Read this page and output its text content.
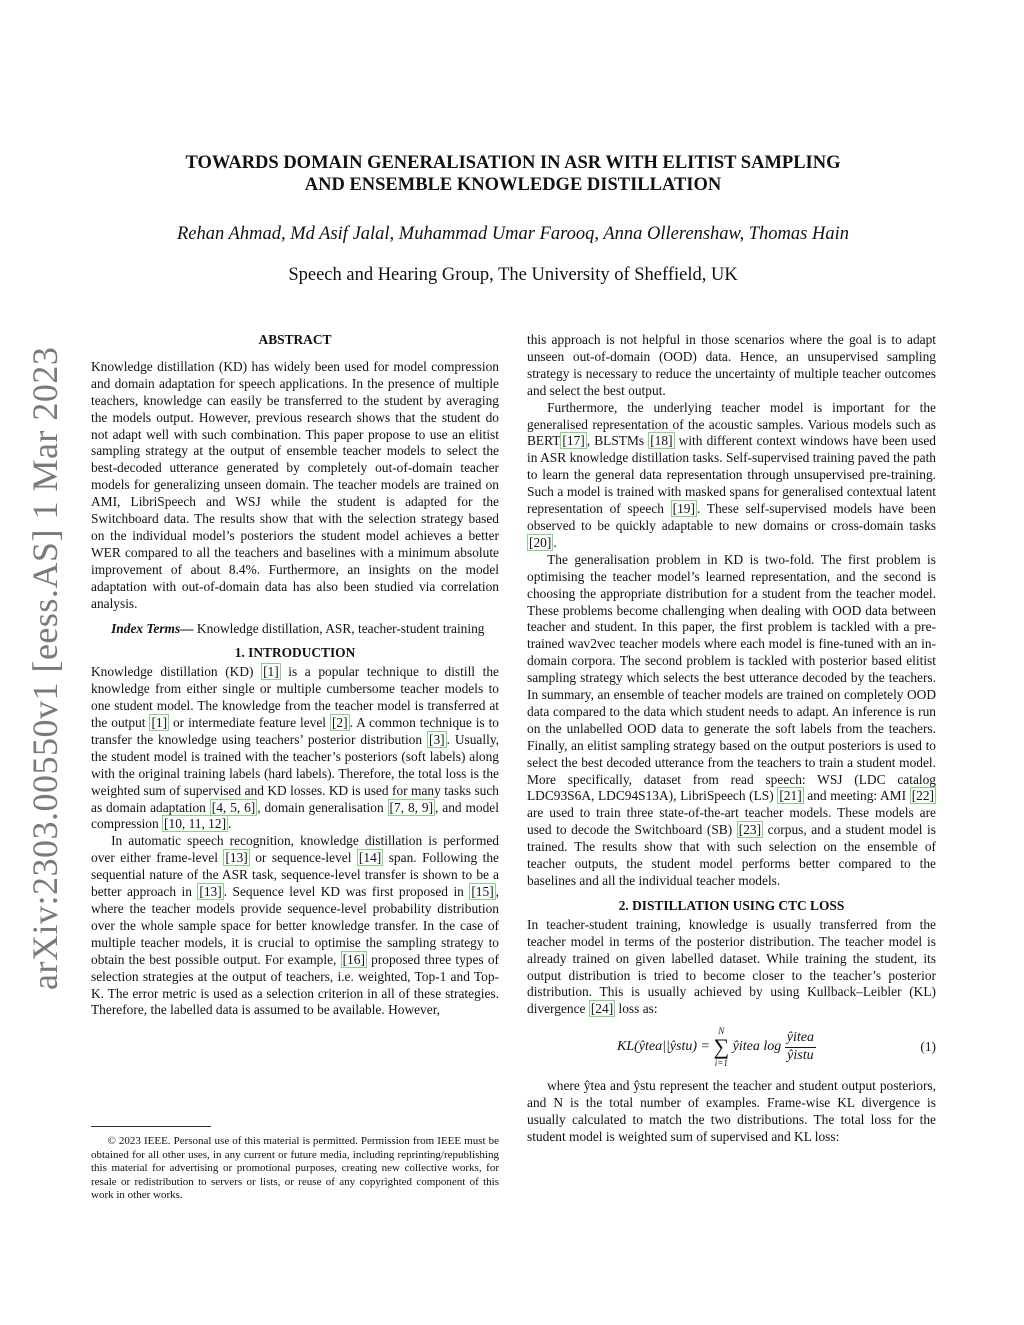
arXiv:2303.00550v1 [eess.AS] 1 Mar 2023
TOWARDS DOMAIN GENERALISATION IN ASR WITH ELITIST SAMPLING
AND ENSEMBLE KNOWLEDGE DISTILLATION
Rehan Ahmad, Md Asif Jalal, Muhammad Umar Farooq, Anna Ollerenshaw, Thomas Hain
Speech and Hearing Group, The University of Sheffield, UK
ABSTRACT

Knowledge distillation (KD) has widely been used for model compression and domain adaptation for speech applications. In the presence of multiple teachers, knowledge can easily be transferred to the student by averaging the models output. However, previous research shows that the student do not adapt well with such combination. This paper propose to use an elitist sampling strategy at the output of ensemble teacher models to select the best-decoded utterance generated by completely out-of-domain teacher models for generalizing unseen domain. The teacher models are trained on AMI, LibriSpeech and WSJ while the student is adapted for the Switchboard data. The results show that with the selection strategy based on the individual model’s posteriors the student model achieves a better WER compared to all the teachers and baselines with a minimum absolute improvement of about 8.4%. Furthermore, an insights on the model adaptation with out-of-domain data has also been studied via correlation analysis.

Index Terms— Knowledge distillation, ASR, teacher-student training

1. INTRODUCTION

Knowledge distillation (KD) [1] is a popular technique to distill the knowledge from either single or multiple cumbersome teacher models to one student model. The knowledge from the teacher model is transferred at the output [1] or intermediate feature level [2] . A common technique is to transfer the knowledge using teachers’ posterior distribution [3] . Usually, the student model is trained with the teacher’s posteriors (soft labels) along with the original training labels (hard labels). Therefore, the total loss is the weighted sum of supervised and KD losses. KD is used for many tasks such as domain adaptation [4, 5, 6] , domain generalisation [7, 8, 9] , and model compression [10, 11, 12] .

In automatic speech recognition, knowledge distillation is performed over either frame-level [13] or sequence-level [14] span. Following the sequential nature of the ASR task, sequence-level transfer is shown to be a better approach in [13] . Sequence level KD was first proposed in [15] , where the teacher models provide sequence-level probability distribution over the whole sample space for better knowledge transfer. In the case of multiple teacher models, it is crucial to optimise the sampling strategy to obtain the best possible output. For example, [16] proposed three types of selection strategies at the output of teachers, i.e. weighted, Top-1 and Top-K. The error metric is used as a selection criterion in all of these strategies. Therefore, the labelled data is assumed to be available. However,

© 2023 IEEE. Personal use of this material is permitted. Permission from IEEE must be obtained for all other uses, in any current or future media, including reprinting/republishing this material for advertising or promotional purposes, creating new collective works, for resale or redistribution to servers or lists, or reuse of any copyrighted component of this work in other works.

this approach is not helpful in those scenarios where the goal is to adapt unseen out-of-domain (OOD) data. Hence, an unsupervised sampling strategy is necessary to reduce the uncertainty of multiple teacher outcomes and select the best output.

Furthermore, the underlying teacher model is important for the generalised representation of the acoustic samples. Various models such as BERT [17] , BLSTMs [18] with different context windows have been used in ASR knowledge distillation tasks. Self-supervised training paved the path to learn the general data representation through unsupervised pre-training. Such a model is trained with masked spans for generalised contextual latent representation of speech [19] . These self-supervised models have been observed to be quickly adaptable to new domains or cross-domain tasks [20] .

The generalisation problem in KD is two-fold. The first problem is optimising the teacher model’s learned representation, and the second is choosing the appropriate distribution for a student from the teacher model. These problems become challenging when dealing with OOD data between teacher and student. In this paper, the first problem is tackled with a pre-trained wav2vec teacher models where each model is fine-tuned with an in-domain corpora. The second problem is tackled with posterior based elitist sampling strategy which selects the best utterance decoded by the teachers. In summary, an ensemble of teacher models are trained on completely OOD data compared to the data which student needs to adapt. An inference is run on the unlabelled OOD data to generate the soft labels from the teachers. Finally, an elitist sampling strategy based on the output posteriors is used to select the best decoded utterance from the teachers to train a student model. More specifically, dataset from read speech: WSJ (LDC catalog LDC93S6A, LDC94S13A), LibriSpeech (LS) [21] and meeting: AMI [22] are used to train three state-of-the-art teacher models. These models are used to decode the Switchboard (SB) [23] corpus, and a student model is trained. The results show that with such selection on the ensemble of teacher outputs, the student model performs better compared to the baselines and all the individual teacher models.

2. DISTILLATION USING CTC LOSS

In teacher-student training, knowledge is usually transferred from the teacher model in terms of the posterior distribution. The teacher model is already trained on given labelled dataset. While training the student, its output distribution is tried to become closer to the teacher’s posterior distribution. This is usually achieved by using Kullback–Leibler (KL) divergence [24] loss as:

KL(ŷtea||ŷstu) =
N
∑
i=1
ŷitea $\log \frac{\text{ŷitea}}{\text{ŷistu}}$	(1)

where ŷtea and ŷstu represent the teacher and student output posteriors, and N is the total number of examples. Frame-wise KL divergence is usually calculated to match the two distributions. The total loss for the student model is weighted sum of supervised and KL loss:
